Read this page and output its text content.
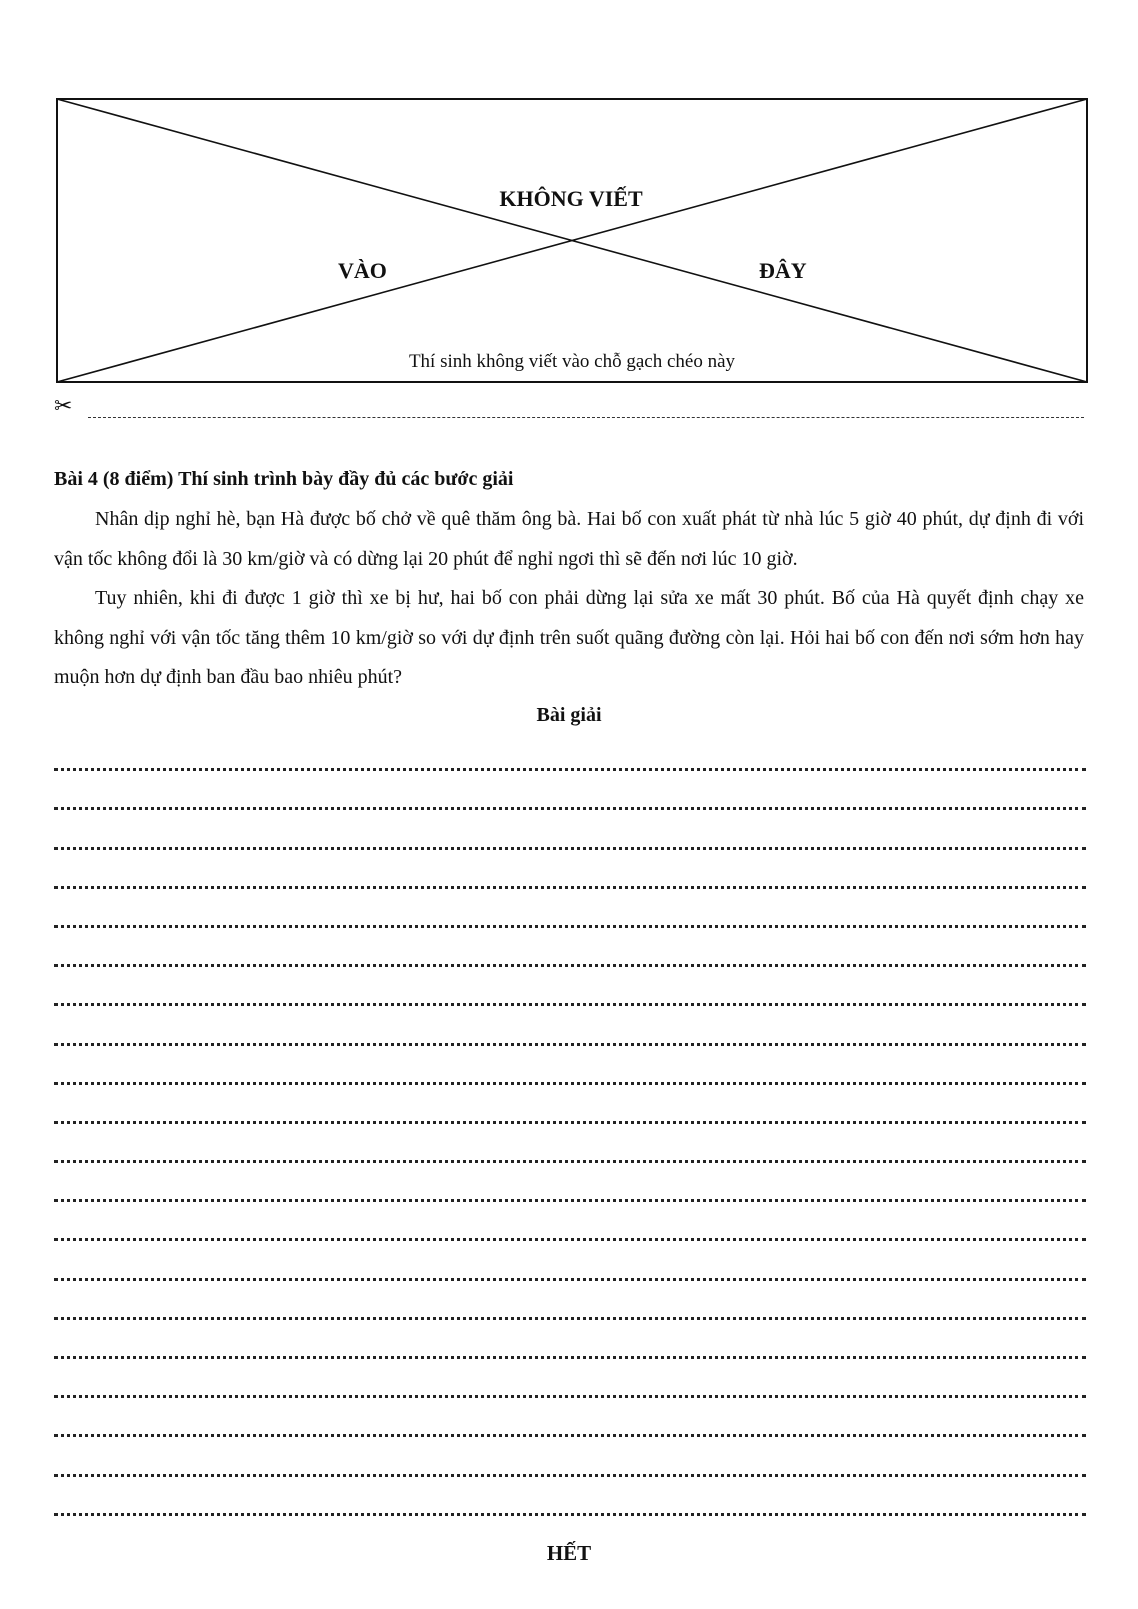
KHÔNG VIẾT
VÀO	ĐÂY
Thí sinh không viết vào chỗ gạch chéo này
✂
Bài 4 (8 điểm) Thí sinh trình bày đầy đủ các bước giải
Nhân dịp nghỉ hè, bạn Hà được bố chở về quê thăm ông bà. Hai bố con xuất phát từ nhà lúc 5 giờ 40 phút, dự định đi với vận tốc không đổi là 30 km/giờ và có dừng lại 20 phút để nghỉ ngơi thì sẽ đến nơi lúc 10 giờ.
Tuy nhiên, khi đi được 1 giờ thì xe bị hư, hai bố con phải dừng lại sửa xe mất 30 phút. Bố của Hà quyết định chạy xe không nghỉ với vận tốc tăng thêm 10 km/giờ so với dự định trên suốt quãng đường còn lại. Hỏi hai bố con đến nơi sớm hơn hay muộn hơn dự định ban đầu bao nhiêu phút?
Bài giải
HẾT
